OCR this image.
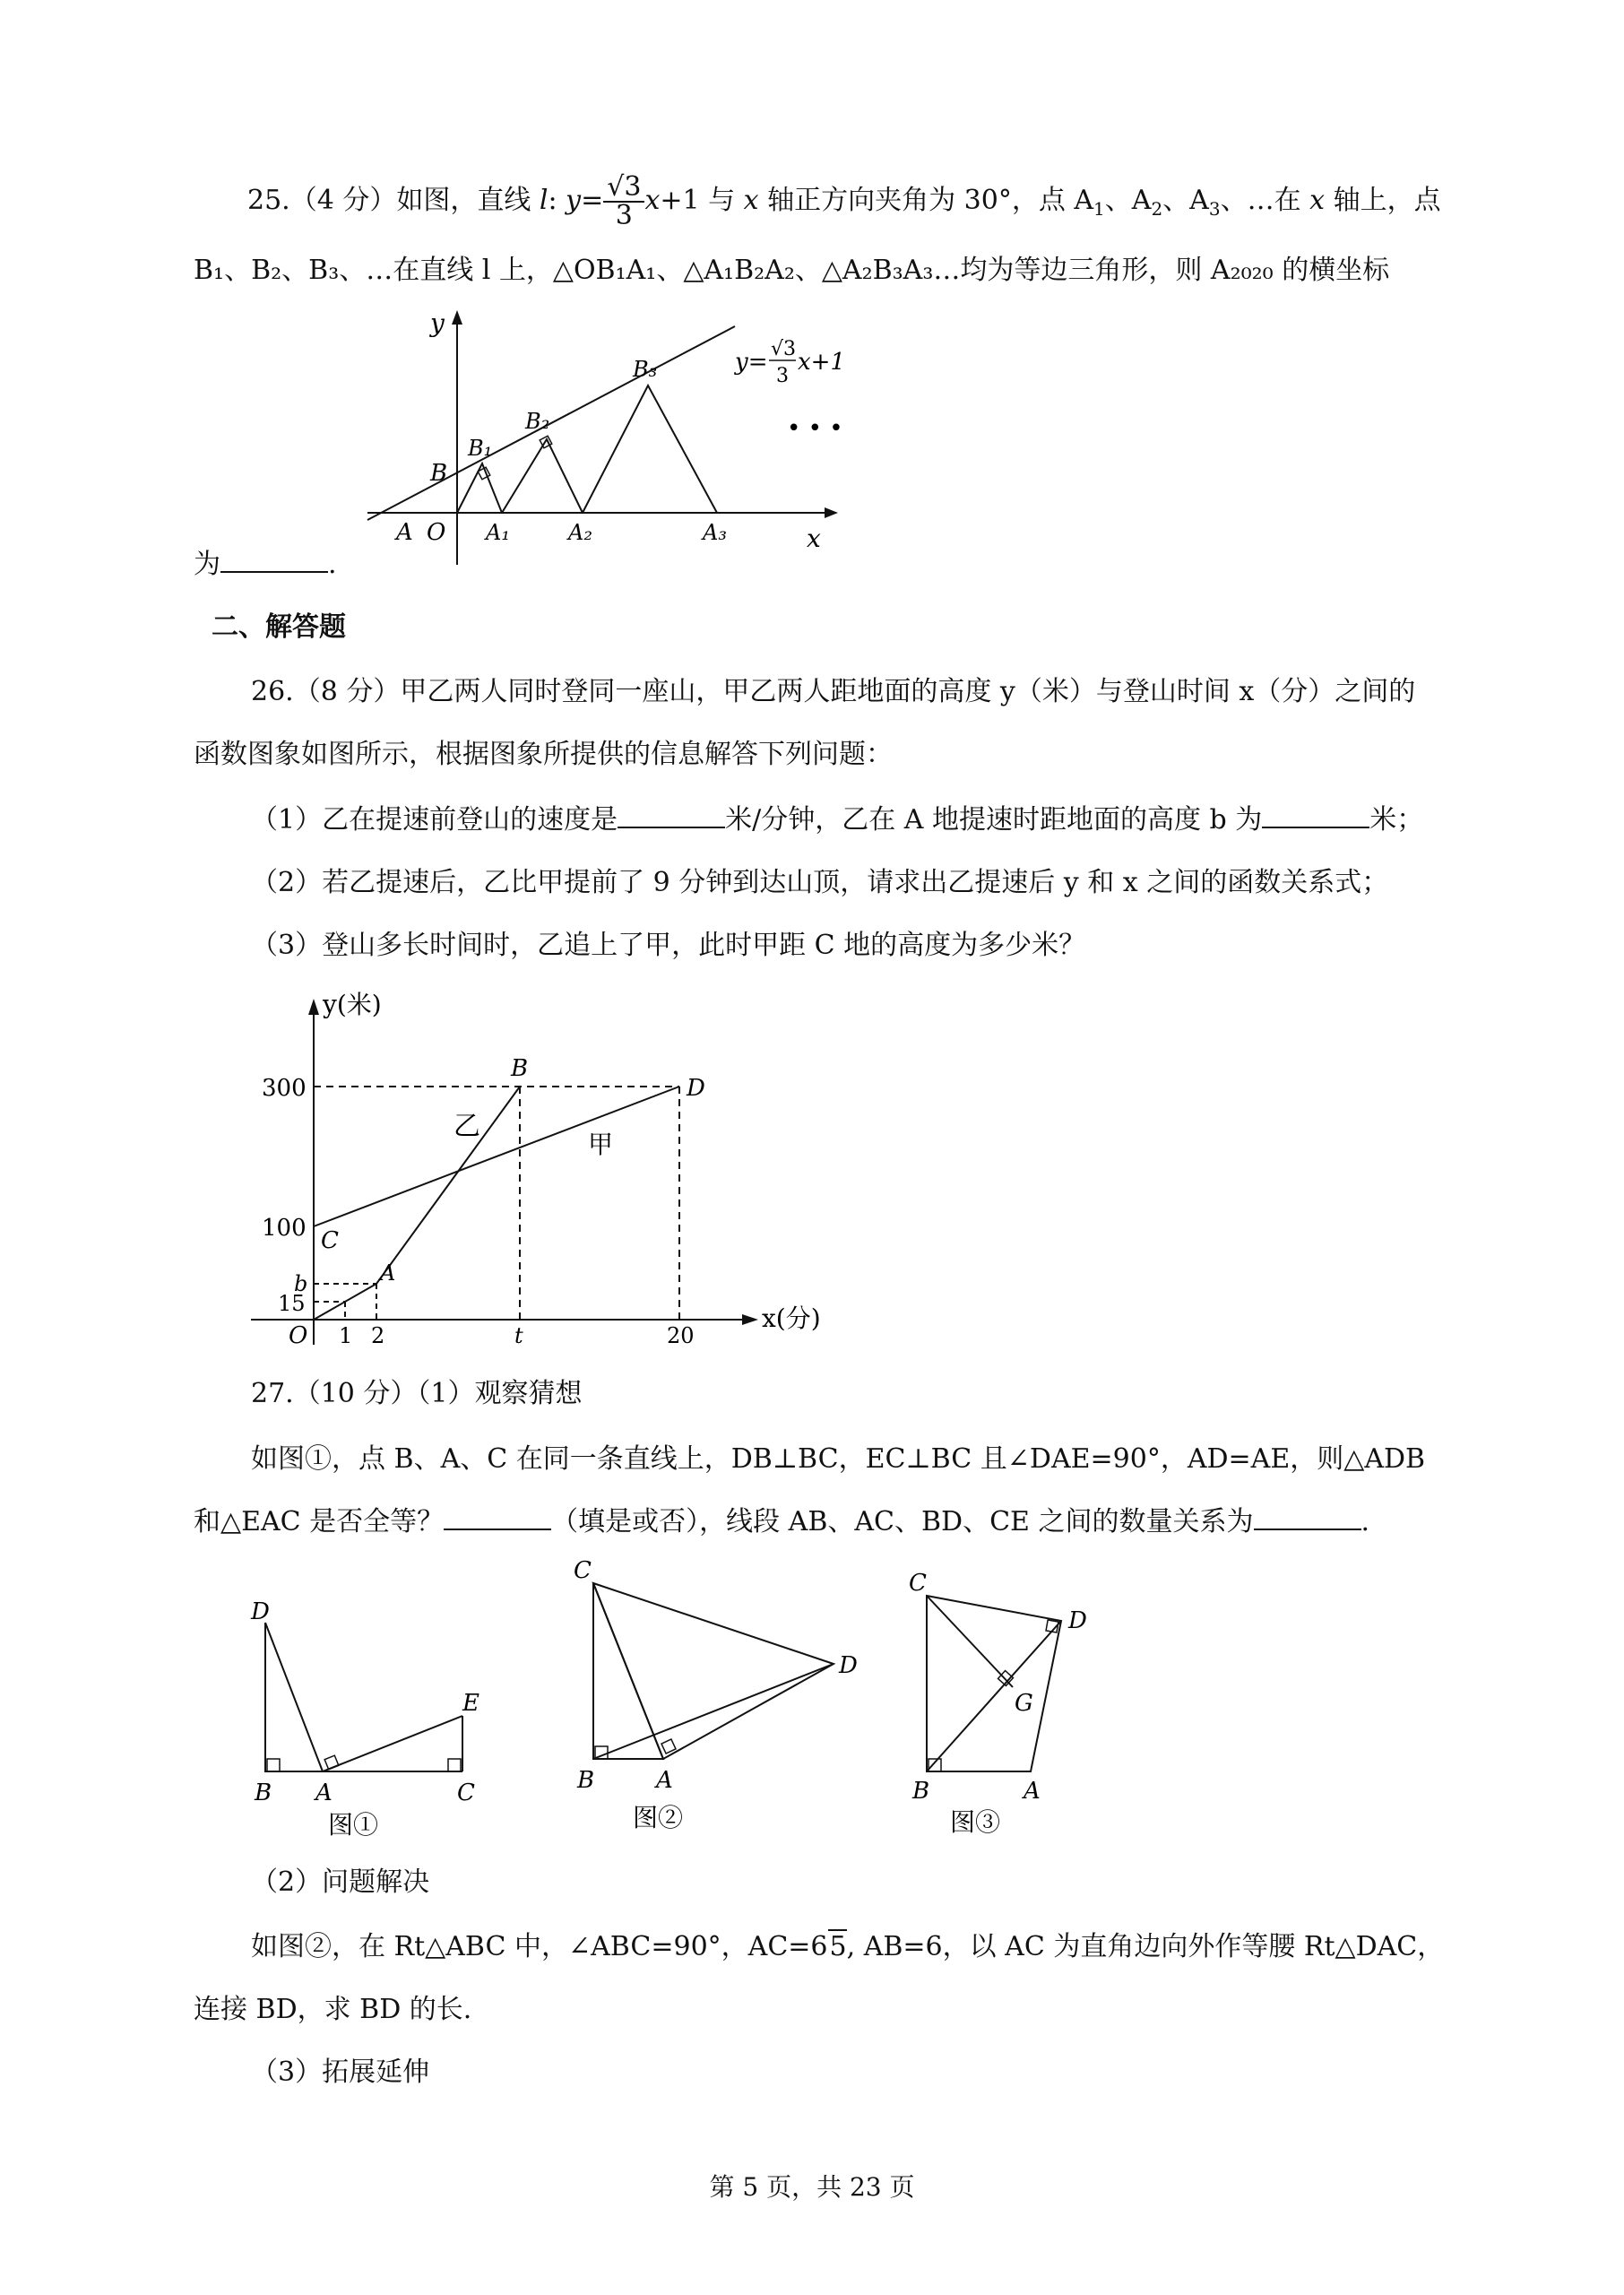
25.（4 分）如图，直线 l: $y= \frac{√3}{3} x+1$ 与 x 轴正方向夹角为 30°，点 $A_1$、$A_2$、$A_3$、…在 x 轴上，点
B₁、B₂、B₃、…在直线 l 上，△OB₁A₁、△A₁B₂A₂、△A₂B₃A₃…均为等边三角形，则 A₂₀₂₀ 的横坐标
y
x
A O A₁	A₂	A₃
B
B₁
B₂
B₃	y= √3
3
x+1
• • •
为	.
二、解答题
26.（8 分）甲乙两人同时登同一座山，甲乙两人距地面的高度 y（米）与登山时间 x（分）之间的
函数图象如图所示，根据图象所提供的信息解答下列问题：
（1）乙在提速前登山的速度是	米/分钟，乙在 A 地提速时距地面的高度 b 为	米；
（2）若乙提速后，乙比甲提前了 9 分钟到达山顶，请求出乙提速后 y 和 x 之间的函数关系式；
（3）登山多长时间时，乙追上了甲，此时甲距 C 地的高度为多少米？
y(米)
x(分)
300
100
b
15
O 1 2	t	20
B
D
C
A
乙
甲
27.（10 分）（1）观察猜想
如图①，点 B、A、C 在同一条直线上，DB⊥BC，EC⊥BC 且∠DAE=90°，AD=AE，则△ADB
和△EAC 是否全等？	（填是或否），线段 AB、AC、BD、CE 之间的数量关系为	.
D
B A	C
E
图①
C
D
B	A
图②
C
D
G
B	A
图③
（2）问题解决
如图②，在 Rt△ABC 中，∠ABC=90°，AC=65, AB=6，以 AC 为直角边向外作等腰 Rt△DAC，
连接 BD，求 BD 的长.
（3）拓展延伸
第 5 页，共 23 页
